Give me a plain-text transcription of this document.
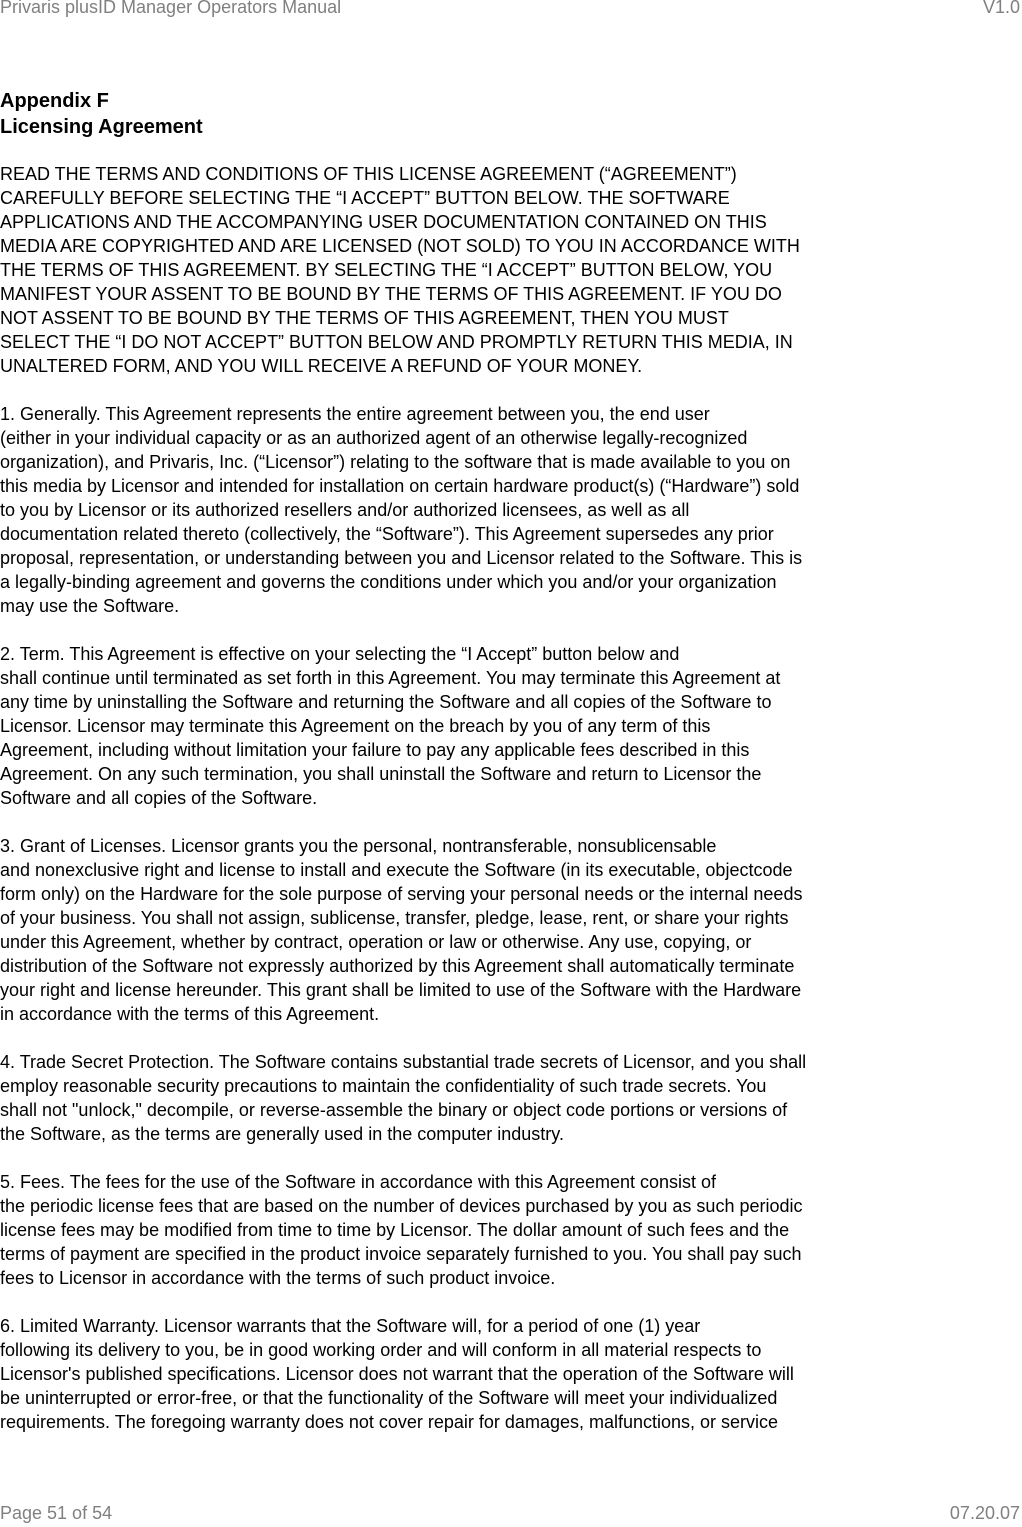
Privaris plusID Manager Operators Manual	V1.0
Appendix F
Licensing Agreement
READ THE TERMS AND CONDITIONS OF THIS LICENSE AGREEMENT (“AGREEMENT”)
CAREFULLY BEFORE SELECTING THE “I ACCEPT” BUTTON BELOW. THE SOFTWARE
APPLICATIONS AND THE ACCOMPANYING USER DOCUMENTATION CONTAINED ON THIS
MEDIA ARE COPYRIGHTED AND ARE LICENSED (NOT SOLD) TO YOU IN ACCORDANCE WITH
THE TERMS OF THIS AGREEMENT. BY SELECTING THE “I ACCEPT” BUTTON BELOW, YOU
MANIFEST YOUR ASSENT TO BE BOUND BY THE TERMS OF THIS AGREEMENT. IF YOU DO
NOT ASSENT TO BE BOUND BY THE TERMS OF THIS AGREEMENT, THEN YOU MUST
SELECT THE “I DO NOT ACCEPT” BUTTON BELOW AND PROMPTLY RETURN THIS MEDIA, IN
UNALTERED FORM, AND YOU WILL RECEIVE A REFUND OF YOUR MONEY.
1. Generally. This Agreement represents the entire agreement between you, the end user
(either in your individual capacity or as an authorized agent of an otherwise legally-recognized
organization), and Privaris, Inc. (“Licensor”) relating to the software that is made available to you on
this media by Licensor and intended for installation on certain hardware product(s) (“Hardware”) sold
to you by Licensor or its authorized resellers and/or authorized licensees, as well as all
documentation related thereto (collectively, the “Software”). This Agreement supersedes any prior
proposal, representation, or understanding between you and Licensor related to the Software. This is
a legally-binding agreement and governs the conditions under which you and/or your organization
may use the Software.
2. Term. This Agreement is effective on your selecting the “I Accept” button below and
shall continue until terminated as set forth in this Agreement. You may terminate this Agreement at
any time by uninstalling the Software and returning the Software and all copies of the Software to
Licensor. Licensor may terminate this Agreement on the breach by you of any term of this
Agreement, including without limitation your failure to pay any applicable fees described in this
Agreement. On any such termination, you shall uninstall the Software and return to Licensor the
Software and all copies of the Software.
3. Grant of Licenses. Licensor grants you the personal, nontransferable, nonsublicensable
and nonexclusive right and license to install and execute the Software (in its executable, objectcode
form only) on the Hardware for the sole purpose of serving your personal needs or the internal needs
of your business. You shall not assign, sublicense, transfer, pledge, lease, rent, or share your rights
under this Agreement, whether by contract, operation or law or otherwise. Any use, copying, or
distribution of the Software not expressly authorized by this Agreement shall automatically terminate
your right and license hereunder. This grant shall be limited to use of the Software with the Hardware
in accordance with the terms of this Agreement.
4. Trade Secret Protection. The Software contains substantial trade secrets of Licensor, and you shall
employ reasonable security precautions to maintain the confidentiality of such trade secrets. You
shall not "unlock," decompile, or reverse-assemble the binary or object code portions or versions of
the Software, as the terms are generally used in the computer industry.
5. Fees. The fees for the use of the Software in accordance with this Agreement consist of
the periodic license fees that are based on the number of devices purchased by you as such periodic
license fees may be modified from time to time by Licensor. The dollar amount of such fees and the
terms of payment are specified in the product invoice separately furnished to you. You shall pay such
fees to Licensor in accordance with the terms of such product invoice.
6. Limited Warranty. Licensor warrants that the Software will, for a period of one (1) year
following its delivery to you, be in good working order and will conform in all material respects to
Licensor's published specifications. Licensor does not warrant that the operation of the Software will
be uninterrupted or error-free, or that the functionality of the Software will meet your individualized
requirements. The foregoing warranty does not cover repair for damages, malfunctions, or service
Page 51 of 54	07.20.07
